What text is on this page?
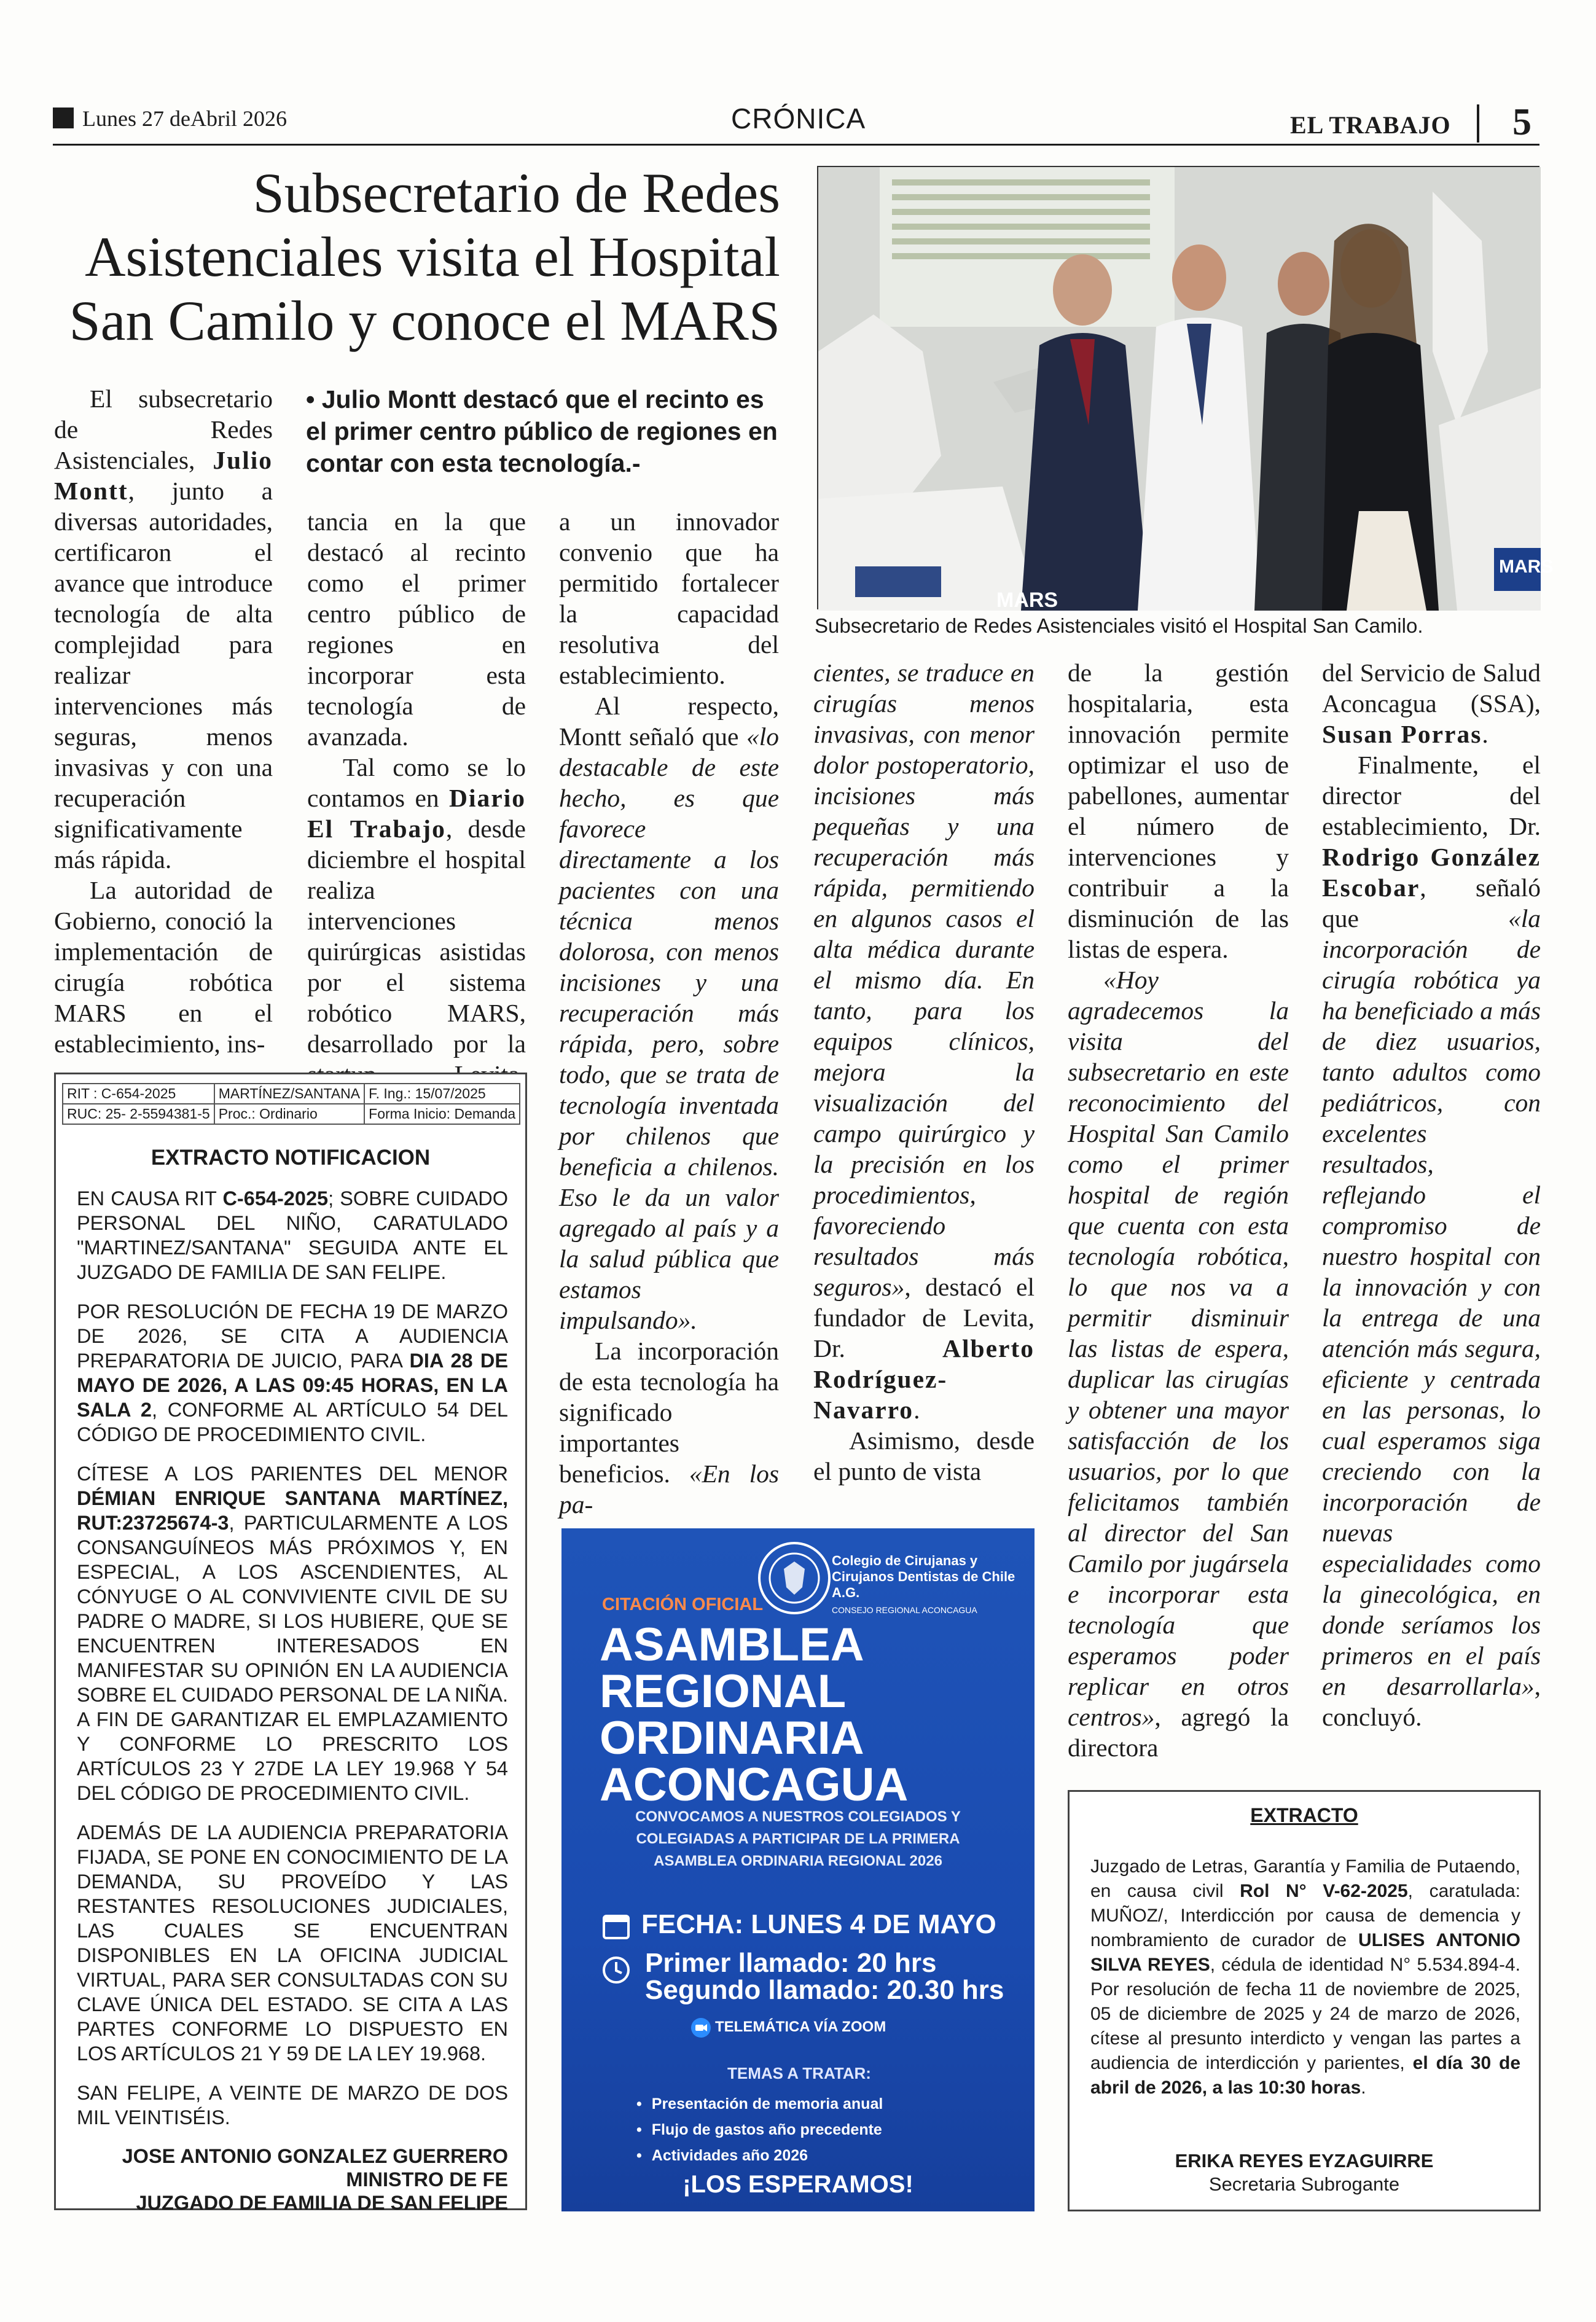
Lunes 27 deAbril 2026	CRÓNICA	EL TRABAJO 5
Subsecretario de Redes Asistenciales visita el Hospital San Camilo y conoce el MARS
MARS
MARS
Subsecretario de Redes Asistenciales visitó el Hospital San Camilo.
• Julio Montt destacó que el recinto es el primer centro público de regiones en contar con esta tecnología.-

El subsecretario de Redes Asistenciales, Julio Montt, junto a diversas autoridades, certificaron el avance que introduce tecnología de alta complejidad para realizar intervenciones más seguras, menos invasivas y con una recuperación significativamente más rápida.

La autoridad de Gobierno, conoció la implementación de cirugía robótica MARS en el establecimiento, ins-

tancia en la que destacó al recinto como el primer centro público de regiones en incorporar esta tecnología de avanzada.

Tal como se lo contamos en Diario El Trabajo, desde diciembre el hospital realiza intervenciones quirúrgicas asistidas por el sistema robótico MARS, desarrollado por la

a un innovador convenio que ha permitido fortalecer la capacidad resolutiva del establecimiento.

Al respecto, Montt señaló que «lo destacable de este hecho, es que favorece directamente a los pacientes con una técnica menos dolorosa, con menos incisiones y una recuperación más rápida, pero, sobre todo, que se trata de tecnología inventada por chilenos que beneficia a chilenos. Eso le da un valor agregado al país y a la salud pública que estamos impulsando».

La incorporación de esta tecnología ha significado importantes beneficios. «En los pa-

cientes, se traduce en cirugías menos invasivas, con menor dolor postoperatorio, incisiones más pequeñas y una recuperación más rápida, permitiendo en algunos casos el alta médica durante el mismo día. En tanto, para los equipos clínicos, mejora la visualización del campo quirúrgico y la precisión en los procedimientos, favoreciendo resultados más seguros», destacó el fundador de Levita, Dr.	Alberto Rodríguez-Navarro.

Asimismo, desde el punto de vista

de la gestión hospitalaria, esta innovación permite optimizar el uso de pabellones, aumentar el número de intervenciones y contribuir a la disminución de las listas de espera.

«Hoy agradecemos la visita del subsecretario en este reconocimiento del Hospital San Camilo como el primer hospital de región que cuenta con esta tecnología robótica, lo que nos va a permitir disminuir las listas de espera, duplicar las cirugías y obtener una mayor satisfacción de los usuarios, por lo que felicitamos también al director del San Camilo por jugársela e incorporar esta tecnología que esperamos poder replicar en otros centros», agregó la directora

del Servicio de Salud Aconcagua (SSA), Susan Porras.

Finalmente, el director del establecimiento, Dr. Rodrigo González Escobar, señaló que	«la incorporación de cirugía robótica ya ha beneficiado a más de diez usuarios, tanto adultos como pediátricos, con excelentes resultados, reflejando el compromiso de nuestro hospital con la innovación y con la entrega de una atención más segura, eficiente y centrada en las personas, lo cual esperamos siga creciendo con la incorporación de nuevas especialidades como la ginecológica, en donde seríamos los primeros en el país en desarrollarla», concluyó.

RIT : C-654-2025	MARTÍNEZ/SANTANA	F. Ing.: 15/07/2025
RUC: 25- 2-5594381-5	Proc.: Ordinario	Forma Inicio: Demanda
EXTRACTO NOTIFICACION

EN CAUSA RIT C-654-2025; SOBRE CUIDADO PERSONAL DEL NIÑO, CARATULADO "MARTINEZ/SANTANA" SEGUIDA ANTE EL JUZGADO DE FAMILIA DE SAN FELIPE.

POR RESOLUCIÓN DE FECHA 19 DE MARZO DE 2026, SE CITA A AUDIENCIA PREPARATORIA DE JUICIO, PARA DIA 28 DE MAYO DE 2026, A LAS 09:45 HORAS, EN LA SALA 2, CONFORME AL ARTÍCULO 54 DEL CÓDIGO DE PROCEDIMIENTO CIVIL.

CÍTESE A LOS PARIENTES DEL MENOR DÉMIAN ENRIQUE SANTANA MARTÍNEZ, RUT:23725674-3, PARTICULARMENTE A LOS CONSANGUÍNEOS MÁS PRÓXIMOS Y, EN ESPECIAL, A LOS ASCENDIENTES, AL CÓNYUGE O AL CONVIVIENTE CIVIL DE SU PADRE O MADRE, SI LOS HUBIERE, QUE SE ENCUENTREN INTERESADOS EN MANIFESTAR SU OPINIÓN EN LA AUDIENCIA SOBRE EL CUIDADO PERSONAL DE LA NIÑA. A FIN DE GARANTIZAR EL EMPLAZAMIENTO Y CONFORME LO PRESCRITO LOS ARTÍCULOS 23 Y 27DE LA LEY 19.968 Y 54 DEL CÓDIGO DE PROCEDIMIENTO CIVIL.

ADEMÁS DE LA AUDIENCIA PREPARATORIA FIJADA, SE PONE EN CONOCIMIENTO DE LA DEMANDA, SU PROVEÍDO Y LAS RESTANTES RESOLUCIONES JUDICIALES, LAS CUALES SE ENCUENTRAN DISPONIBLES EN LA OFICINA JUDICIAL VIRTUAL, PARA SER CONSULTADAS CON SU CLAVE ÚNICA DEL ESTADO. SE CITA A LAS PARTES CONFORME LO DISPUESTO EN LOS ARTÍCULOS 21 Y 59 DE LA LEY 19.968.

SAN FELIPE, A VEINTE DE MARZO DE DOS MIL VEINTISÉIS.

JOSE ANTONIO GONZALEZ GUERRERO
MINISTRO DE FE
JUZGADO DE FAMILIA DE SAN FELIPE
Colegio de Cirujanas y Cirujanos Dentistas de Chile A.G.
CONSEJO REGIONAL ACONCAGUA
CITACIÓN OFICIAL
ASAMBLEA
REGIONAL
ORDINARIA
ACONCAGUA
CONVOCAMOS A NUESTROS COLEGIADOS Y
COLEGIADAS A PARTICIPAR DE LA PRIMERA
ASAMBLEA ORDINARIA REGIONAL 2026
FECHA: LUNES 4 DE MAYO
Primer llamado: 20 hrs
Segundo llamado: 20.30 hrs
TELEMÁTICA VÍA ZOOM
TEMAS A TRATAR:
• Presentación de memoria anual
• Flujo de gastos año precedente
• Actividades año 2026
¡LOS ESPERAMOS!
EXTRACTO
Juzgado de Letras, Garantía y Familia de Putaendo, en causa civil Rol N° V-62-2025, caratulada: MUÑOZ/, Interdicción por causa de demencia y nombramiento de curador de ULISES ANTONIO SILVA REYES, cédula de identidad N° 5.534.894-4. Por resolución de fecha 11 de noviembre de 2025, 05 de diciembre de 2025 y 24 de marzo de 2026, cítese al presunto interdicto y vengan las partes a audiencia de interdicción y parientes, el día 30 de abril de 2026, a las 10:30 horas.
ERIKA REYES EYZAGUIRRE
Secretaria Subrogante
